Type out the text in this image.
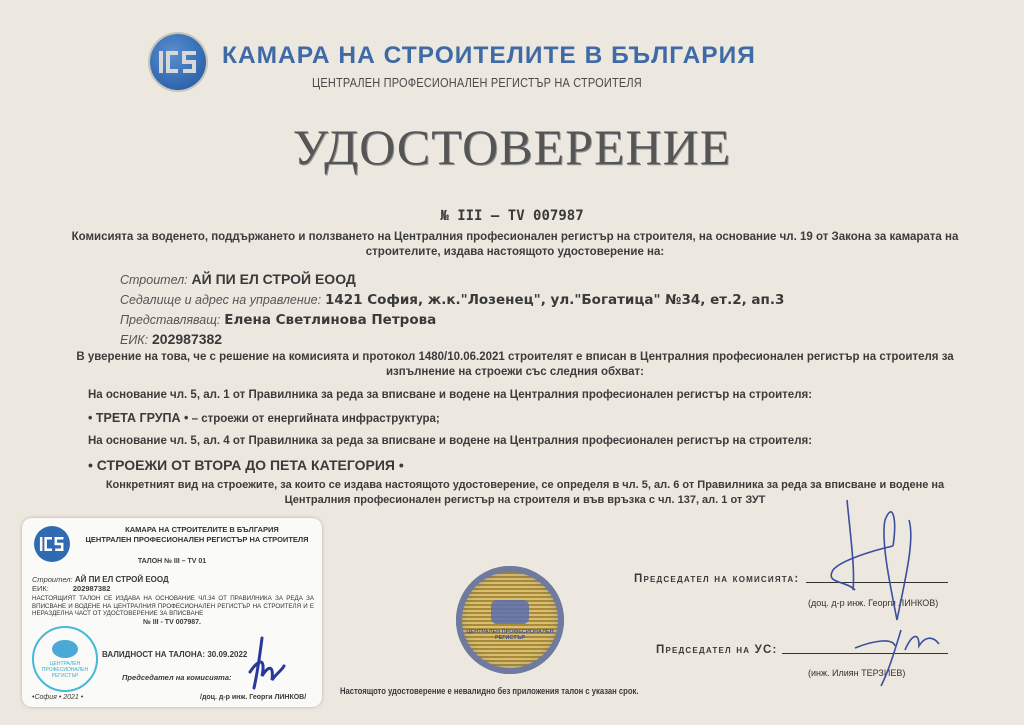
КАМАРА НА СТРОИТЕЛИТЕ В БЪЛГАРИЯ
ЦЕНТРАЛЕН ПРОФЕСИОНАЛЕН РЕГИСТЪР НА СТРОИТЕЛЯ
УДОСТОВЕРЕНИЕ
№ III – TV 007987
Комисията за воденето, поддържането и ползването на Централния професионален регистър на строителя, на основание чл. 19 от Закона за камарата на строителите, издава настоящото удостоверение на:
Строител: АЙ ПИ ЕЛ СТРОЙ ЕООД
Седалище и адрес на управление: 1421 София, ж.к."Лозенец", ул."Богатица" №34, ет.2, ап.3
Представляващ: Елена Светлинова Петрова
ЕИК: 202987382
В уверение на това, че с решение на комисията и протокол 1480/10.06.2021 строителят е вписан в Централния професионален регистър на строителя за изпълнение на строежи със следния обхват:
На основание чл. 5, ал. 1 от Правилника за реда за вписване и водене на Централния професионален регистър на строителя:
• ТРЕТА ГРУПА • – строежи от енергийната инфраструктура;
На основание чл. 5, ал. 4 от Правилника за реда за вписване и водене на Централния професионален регистър на строителя:
• СТРОЕЖИ ОТ ВТОРА ДО ПЕТА КАТЕГОРИЯ •
Конкретният вид на строежите, за които се издава настоящото удостоверение, се определя в чл. 5, ал. 6 от Правилника за реда за вписване и водене на Централния професионален регистър на строителя и във връзка с чл. 137, ал. 1 от ЗУТ
КАМАРА НА СТРОИТЕЛИТЕ В БЪЛГАРИЯ
ЦЕНТРАЛЕН ПРОФЕСИОНАЛЕН РЕГИСТЪР НА СТРОИТЕЛЯ
ТАЛОН № III – TV 01
Строител: АЙ ПИ ЕЛ СТРОЙ ЕООД
ЕИК:	202987382
НАСТОЯЩИЯТ ТАЛОН СЕ ИЗДАВА НА ОСНОВАНИЕ ЧЛ.34 ОТ ПРАВИЛНИКА ЗА РЕДА ЗА ВПИСВАНЕ И ВОДЕНЕ НА ЦЕНТРАЛНИЯ ПРОФЕСИОНАЛЕН РЕГИСТЪР НА СТРОИТЕЛЯ И Е НЕРАЗДЕЛНА ЧАСТ ОТ УДОСТОВЕРЕНИЕ ЗА ВПИСВАНЕ
№ III - TV 007987.
ЦЕНТРАЛЕН ПРОФЕСИОНАЛЕН РЕГИСТЪР
ВАЛИДНОСТ НА ТАЛОНА: 30.09.2022
Председател на комисията:
•София • 2021 •	/доц. д-р инж. Георги ЛИНКОВ/
ЦЕНТРАЛЕН ПРОФЕСИОНАЛЕН РЕГИСТЪР
Председател на комисията:
(доц. д-р инж. Георги ЛИНКОВ)
Председател на УС:
(инж. Илиян ТЕРЗИЕВ)
Настоящото удостоверение е невалидно без приложения талон с указан срок.
